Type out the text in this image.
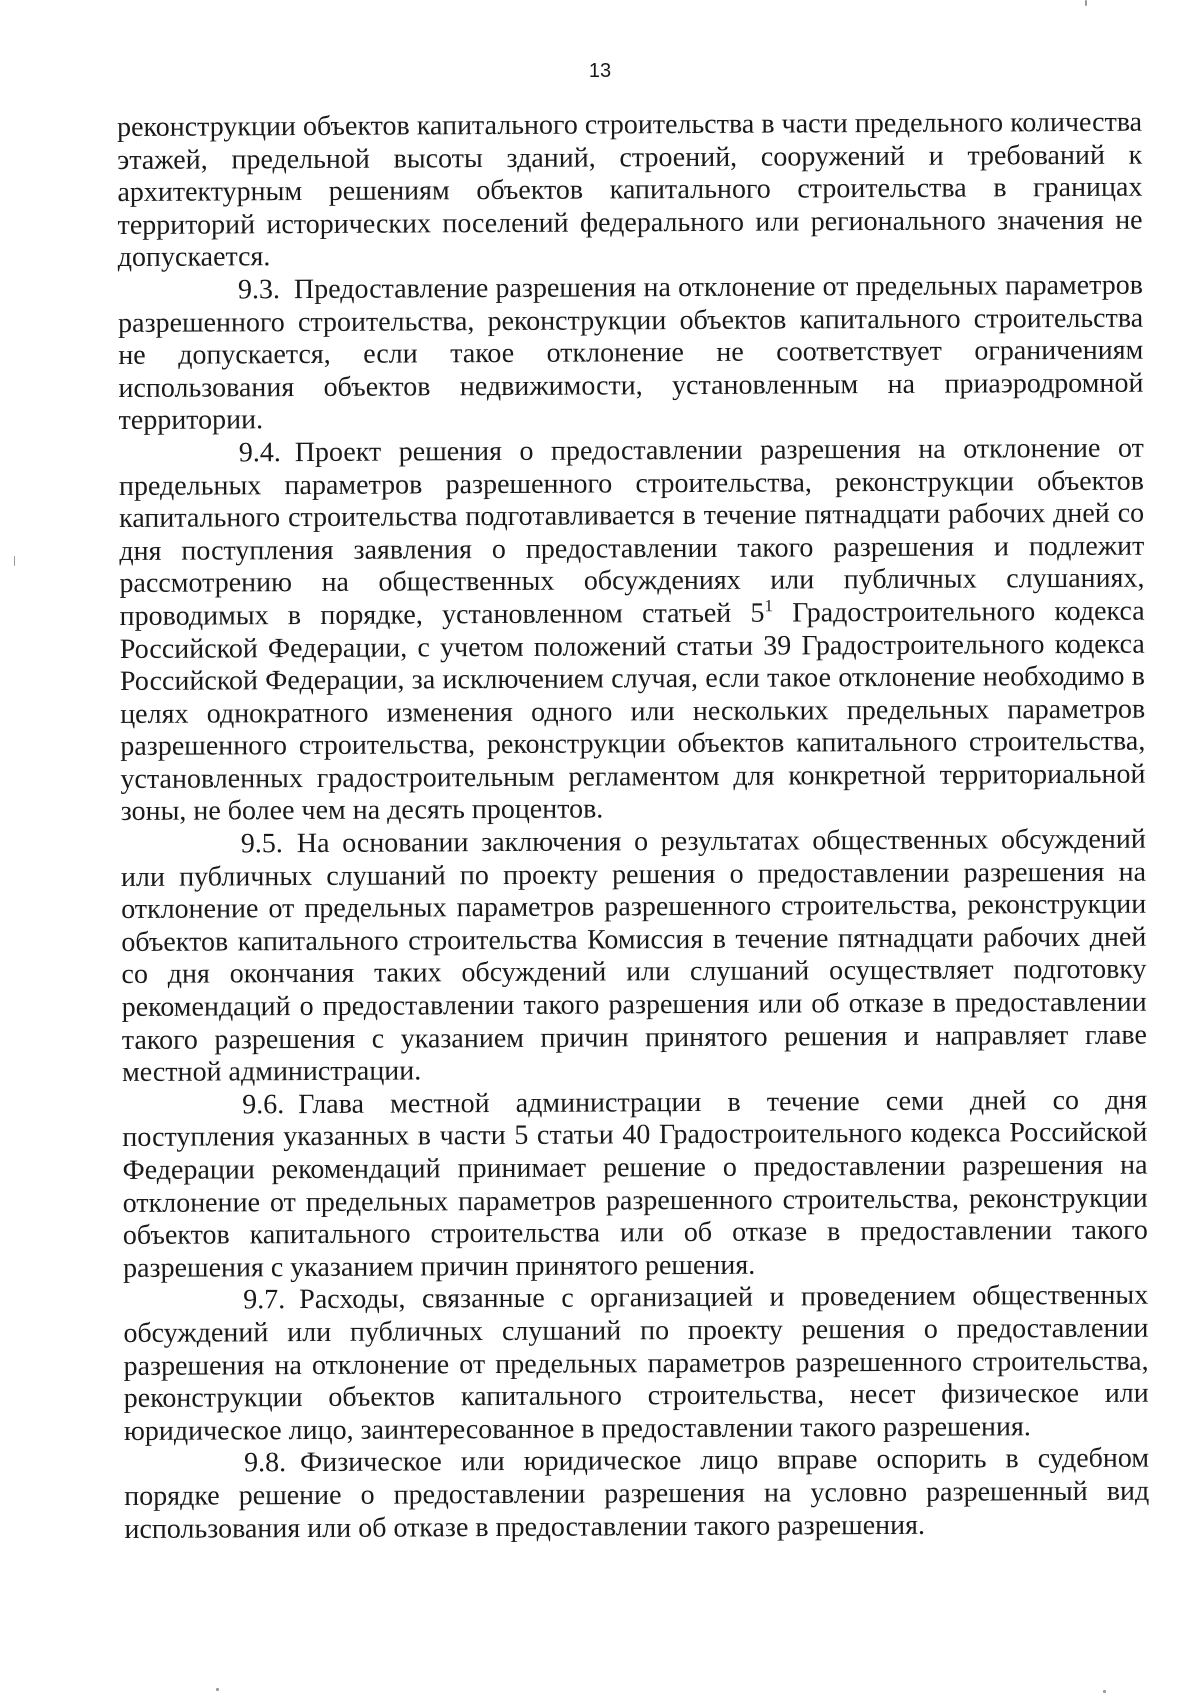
13

реконструкции объектов капитального строительства в части предельного количества этажей, предельной высоты зданий, строений, сооружений и требований к архитектурным решениям объектов капитального строительства в границах территорий исторических поселений федерального или регионального значения не допускается.

9.3. Предоставление разрешения на отклонение от предельных параметров разрешенного строительства, реконструкции объектов капитального строительства не допускается, если такое отклонение не соответствует ограничениям использования объектов недвижимости, установленным на приаэродромной территории.

9.4. Проект решения о предоставлении разрешения на отклонение от предельных параметров разрешенного строительства, реконструкции объектов капитального строительства подготавливается в течение пятнадцати рабочих дней со дня поступления заявления о предоставлении такого разрешения и подлежит рассмотрению на общественных обсуждениях или публичных слушаниях, проводимых в порядке, установленном статьей $5^1$ Градостроительного кодекса Российской Федерации, с учетом положений статьи 39 Градостроительного кодекса Российской Федерации, за исключением случая, если такое отклонение необходимо в целях однократного изменения одного или нескольких предельных параметров разрешенного строительства, реконструкции объектов капитального строительства, установленных градостроительным регламентом для конкретной территориальной зоны, не более чем на десять процентов.

9.5. На основании заключения о результатах общественных обсуждений или публичных слушаний по проекту решения о предоставлении разрешения на отклонение от предельных параметров разрешенного строительства, реконструкции объектов капитального строительства Комиссия в течение пятнадцати рабочих дней со дня окончания таких обсуждений или слушаний осуществляет подготовку рекомендаций о предоставлении такого разрешения или об отказе в предоставлении такого разрешения с указанием причин принятого решения и направляет главе местной администрации.

9.6. Глава местной администрации в течение семи дней со дня поступления указанных в части 5 статьи 40 Градостроительного кодекса Российской Федерации рекомендаций принимает решение о предоставлении разрешения на отклонение от предельных параметров разрешенного строительства, реконструкции объектов капитального строительства или об отказе в предоставлении такого разрешения с указанием причин принятого решения.

9.7. Расходы, связанные с организацией и проведением общественных обсуждений или публичных слушаний по проекту решения о предоставлении разрешения на отклонение от предельных параметров разрешенного строительства, реконструкции объектов капитального строительства, несет физическое или юридическое лицо, заинтересованное в предоставлении такого разрешения.

9.8. Физическое или юридическое лицо вправе оспорить в судебном порядке решение о предоставлении разрешения на условно разрешенный вид использования или об отказе в предоставлении такого разрешения.
